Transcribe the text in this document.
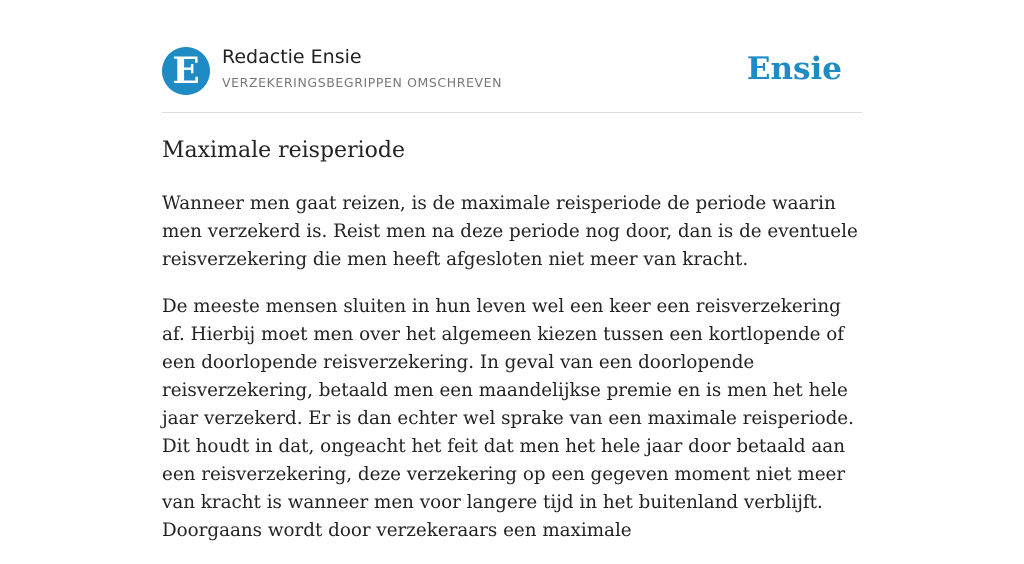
E	Redactie Ensie
VERZEKERINGSBEGRIPPEN OMSCHREVEN	Ensie
Maximale reisperiode

Wanneer men gaat reizen, is de maximale reisperiode de periode waarin men verzekerd is. Reist men na deze periode nog door, dan is de eventuele reisverzekering die men heeft afgesloten niet meer van kracht.

De meeste mensen sluiten in hun leven wel een keer een reisverzekering af. Hierbij moet men over het algemeen kiezen tussen een kortlopende of een doorlopende reisverzekering. In geval van een doorlopende reisverzekering, betaald men een maandelijkse premie en is men het hele jaar verzekerd. Er is dan echter wel sprake van een maximale reisperiode. Dit houdt in dat, ongeacht het feit dat men het hele jaar door betaald aan een reisverzekering, deze verzekering op een gegeven moment niet meer van kracht is wanneer men voor langere tijd in het buitenland verblijft. Doorgaans wordt door verzekeraars een maximale
